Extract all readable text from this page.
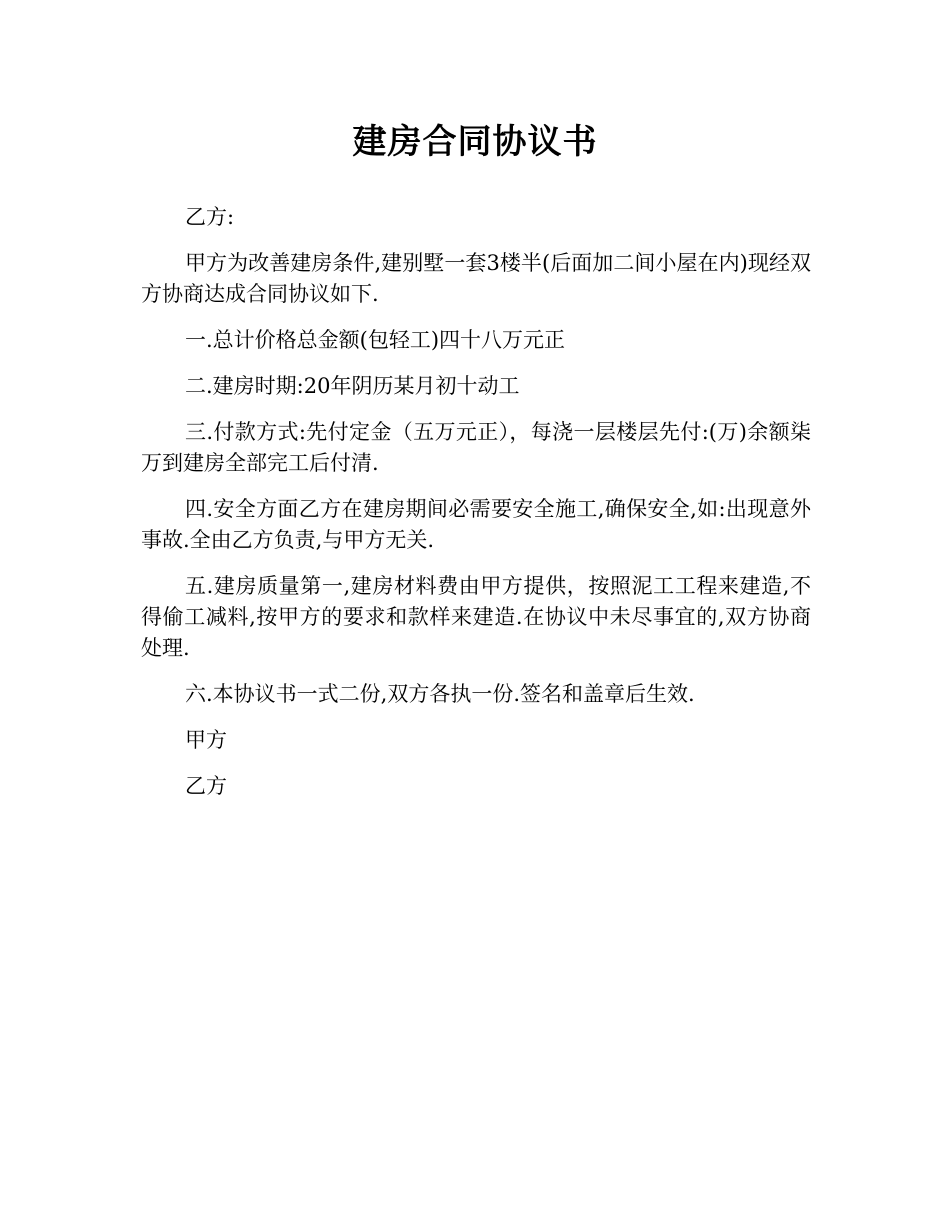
建房合同协议书

乙方:

甲方为改善建房条件,建别墅一套3楼半(后面加二间小屋在内)现经双方协商达成合同协议如下.

一.总计价格总金额(包轻工)四十八万元正

二.建房时期:20年阴历某月初十动工

三.付款方式:先付定金（五万元正），每浇一层楼层先付:(万)余额柒万到建房全部完工后付清.

四.安全方面乙方在建房期间必需要安全施工,确保安全,如:出现意外事故.全由乙方负责,与甲方无关.

五.建房质量第一,建房材料费由甲方提供，按照泥工工程来建造,不得偷工减料,按甲方的要求和款样来建造.在协议中未尽事宜的,双方协商处理.

六.本协议书一式二份,双方各执一份.签名和盖章后生效.

甲方

乙方
